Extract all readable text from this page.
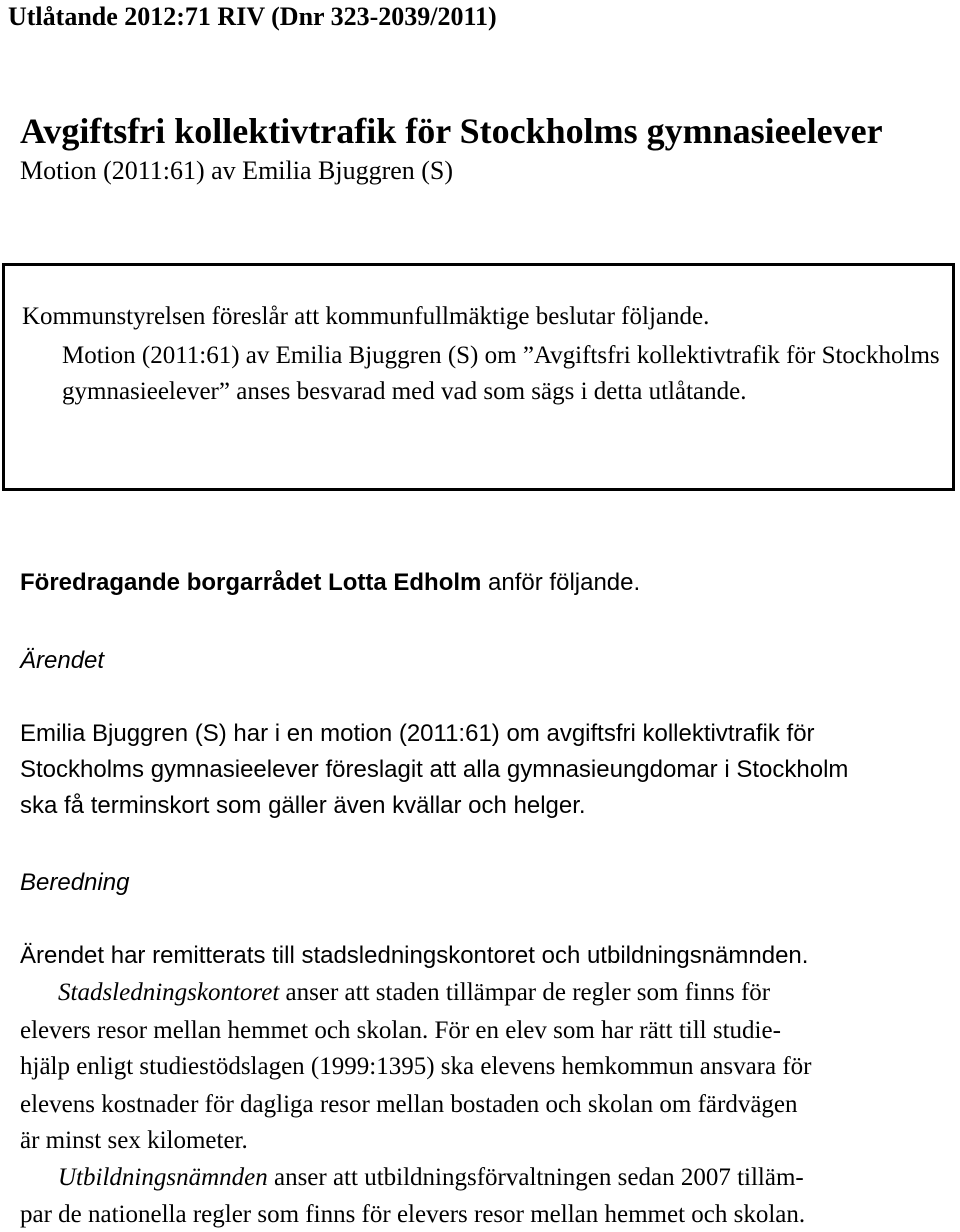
Utlåtande 2012:71 RIV (Dnr 323-2039/2011)
Avgiftsfri kollektivtrafik för Stockholms gymnasieelever
Motion (2011:61) av Emilia Bjuggren (S)
Kommunstyrelsen föreslår att kommunfullmäktige beslutar följande.
Motion (2011:61) av Emilia Bjuggren (S) om ”Avgiftsfri kollektivtrafik för Stockholms gymnasieelever” anses besvarad med vad som sägs i detta utlåtande.
Föredragande borgarrådet Lotta Edholm anför följande.
Ärendet
Emilia Bjuggren (S) har i en motion (2011:61) om avgiftsfri kollektivtrafik för
Stockholms gymnasieelever föreslagit att alla gymnasieungdomar i Stockholm
ska få terminskort som gäller även kvällar och helger.
Beredning
Ärendet har remitterats till stadsledningskontoret och utbildningsnämnden.
Stadsledningskontoret anser att staden tillämpar de regler som finns för
elevers resor mellan hemmet och skolan. För en elev som har rätt till studie-
hjälp enligt studiestödslagen (1999:1395) ska elevens hemkommun ansvara för
elevens kostnader för dagliga resor mellan bostaden och skolan om färdvägen
är minst sex kilometer.
Utbildningsnämnden anser att utbildningsförvaltningen sedan 2007 tilläm-
par de nationella regler som finns för elevers resor mellan hemmet och skolan.
